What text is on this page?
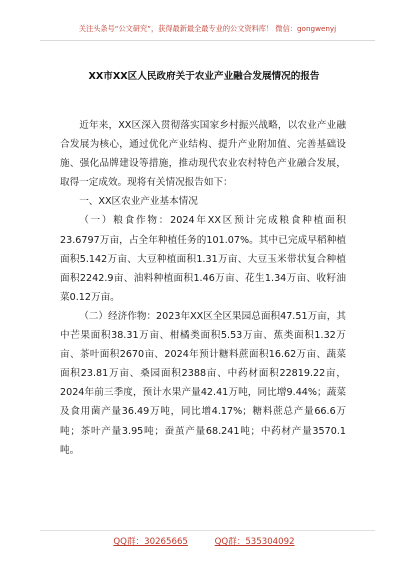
关注头条号“公文研究”，获得最新最全最专业的公文资料库！ 微信：gongwenyj
XX市XX区人民政府关于农业产业融合发展情况的报告

近年来，XX区深入贯彻落实国家乡村振兴战略，以农业产业融合发展为核心，通过优化产业结构、提升产业附加值、完善基础设施、强化品牌建设等措施，推动现代农业农村特色产业融合发展，取得一定成效。现将有关情况报告如下：

一、XX区农业产业基本情况

（一）粮食作物：2024年XX区预计完成粮食种植面积23.6797万亩，占全年种植任务的101.07%。其中已完成早稻种植面积5.142万亩、大豆种植面积1.31万亩、大豆玉米带状复合种植面积2242.9亩、油料种植面积1.46万亩、花生1.34万亩、收籽油菜0.12万亩。

（二）经济作物：2023年XX区全区果园总面积47.51万亩，其中芒果面积38.31万亩、柑橘类面积5.53万亩、蕉类面积1.32万亩、茶叶面积2670亩、2024年预计糖料蔗面积16.62万亩、蔬菜面积23.81万亩、桑园面积2388亩、中药材面积22819.22亩，2024年前三季度，预计水果产量42.41万吨，同比增9.44%；蔬菜及食用菌产量36.49万吨，同比增4.17%；糖料蔗总产量66.6万吨；茶叶产量3.95吨；蚕茧产量68.241吨；中药材产量3570.1吨。

QQ群：30265665	QQ群：535304092
